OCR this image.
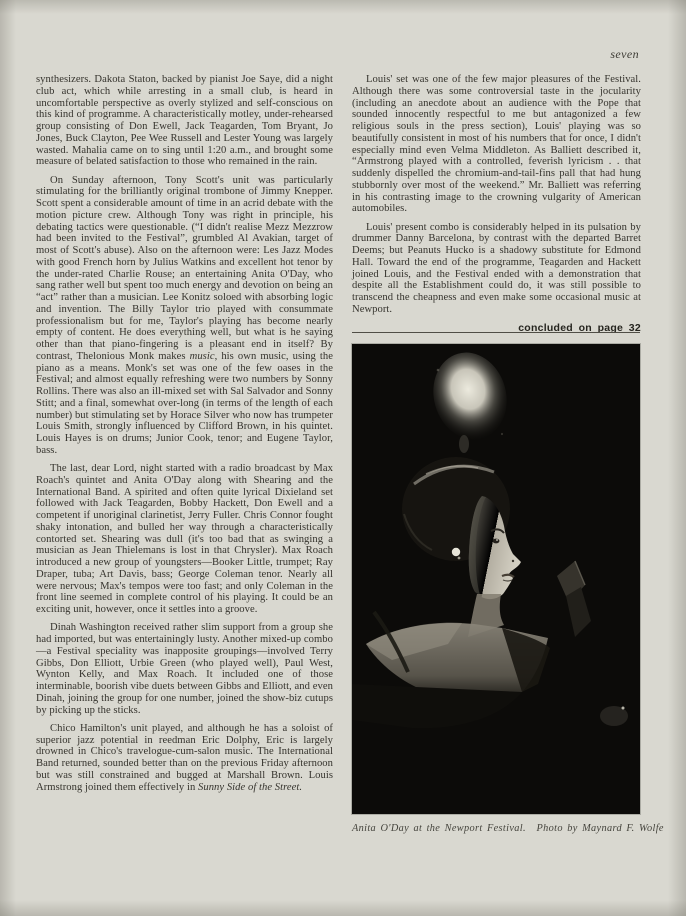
seven

synthesizers. Dakota Staton, backed by pianist Joe Saye, did a night club act, which while arresting in a small club, is heard in uncomfortable perspective as overly stylized and self-conscious on this kind of programme. A characteristically motley, under-rehearsed group consisting of Don Ewell, Jack Teagarden, Tom Bryant, Jo Jones, Buck Clayton, Pee Wee Russell and Lester Young was largely wasted. Mahalia came on to sing until 1:20 a.m., and brought some measure of belated satisfaction to those who remained in the rain.

On Sunday afternoon, Tony Scott's unit was particularly stimulating for the brilliantly original trombone of Jimmy Knepper. Scott spent a considerable amount of time in an acrid debate with the motion picture crew. Although Tony was right in principle, his debating tactics were questionable. (“I didn't realise Mezz Mezzrow had been invited to the Festival”, grumbled Al Avakian, target of most of Scott's abuse). Also on the afternoon were: Les Jazz Modes with good French horn by Julius Watkins and excellent hot tenor by the under-rated Charlie Rouse; an entertaining Anita O'Day, who sang rather well but spent too much energy and devotion on being an “act” rather than a musician. Lee Konitz soloed with absorbing logic and invention. The Billy Taylor trio played with consummate professionalism but for me, Taylor's playing has become nearly empty of content. He does everything well, but what is he saying other than that piano-fingering is a pleasant end in itself? By contrast, Thelonious Monk makes music, his own music, using the piano as a means. Monk's set was one of the few oases in the Festival; and almost equally refreshing were two numbers by Sonny Rollins. There was also an ill-mixed set with Sal Salvador and Sonny Stitt; and a final, somewhat over-long (in terms of the length of each number) but stimulating set by Horace Silver who now has trumpeter Louis Smith, strongly influenced by Clifford Brown, in his quintet. Louis Hayes is on drums; Junior Cook, tenor; and Eugene Taylor, bass.

The last, dear Lord, night started with a radio broadcast by Max Roach's quintet and Anita O'Day along with Shearing and the International Band. A spirited and often quite lyrical Dixieland set followed with Jack Teagarden, Bobby Hackett, Don Ewell and a competent if unoriginal clarinetist, Jerry Fuller. Chris Connor fought shaky intonation, and bulled her way through a characteristically contorted set. Shearing was dull (it's too bad that as swinging a musician as Jean Thielemans is lost in that Chrysler). Max Roach introduced a new group of youngsters—Booker Little, trumpet; Ray Draper, tuba; Art Davis, bass; George Coleman tenor. Nearly all were nervous; Max's tempos were too fast; and only Coleman in the front line seemed in complete control of his playing. It could be an exciting unit, however, once it settles into a groove.

Dinah Washington received rather slim support from a group she had imported, but was entertainingly lusty. Another mixed-up combo—a Festival speciality was inapposite groupings—involved Terry Gibbs, Don Elliott, Urbie Green (who played well), Paul West, Wynton Kelly, and Max Roach. It included one of those interminable, boorish vibe duets between Gibbs and Elliott, and even Dinah, joining the group for one number, joined the show-biz cutups by picking up the sticks.

Chico Hamilton's unit played, and although he has a soloist of superior jazz potential in reedman Eric Dolphy, Eric is largely drowned in Chico's travelogue-cum-salon music. The International Band returned, sounded better than on the previous Friday afternoon but was still constrained and bugged at Marshall Brown. Louis Armstrong joined them effectively in Sunny Side of the Street.

Louis' set was one of the few major pleasures of the Festival. Although there was some controversial taste in the jocularity (including an anecdote about an audience with the Pope that sounded innocently respectful to me but antagonized a few religious souls in the press section), Louis' playing was so beautifully consistent in most of his numbers that for once, I didn't especially mind even Velma Middleton. As Balliett described it, “Armstrong played with a controlled, feverish lyricism . . that suddenly dispelled the chromium-and-tail-fins pall that had hung stubbornly over most of the weekend.” Mr. Balliett was referring in his contrasting image to the crowning vulgarity of American automobiles.

Louis' present combo is considerably helped in its pulsation by drummer Danny Barcelona, by contrast with the departed Barret Deems; but Peanuts Hucko is a shadowy substitute for Edmond Hall. Toward the end of the programme, Teagarden and Hackett joined Louis, and the Festival ended with a demonstration that despite all the Establishment could do, it was still possible to transcend the cheapness and even make some occasional music at Newport.

concluded on page 32
Anita O'Day at the Newport Festival. Photo by Maynard F. Wolfe
